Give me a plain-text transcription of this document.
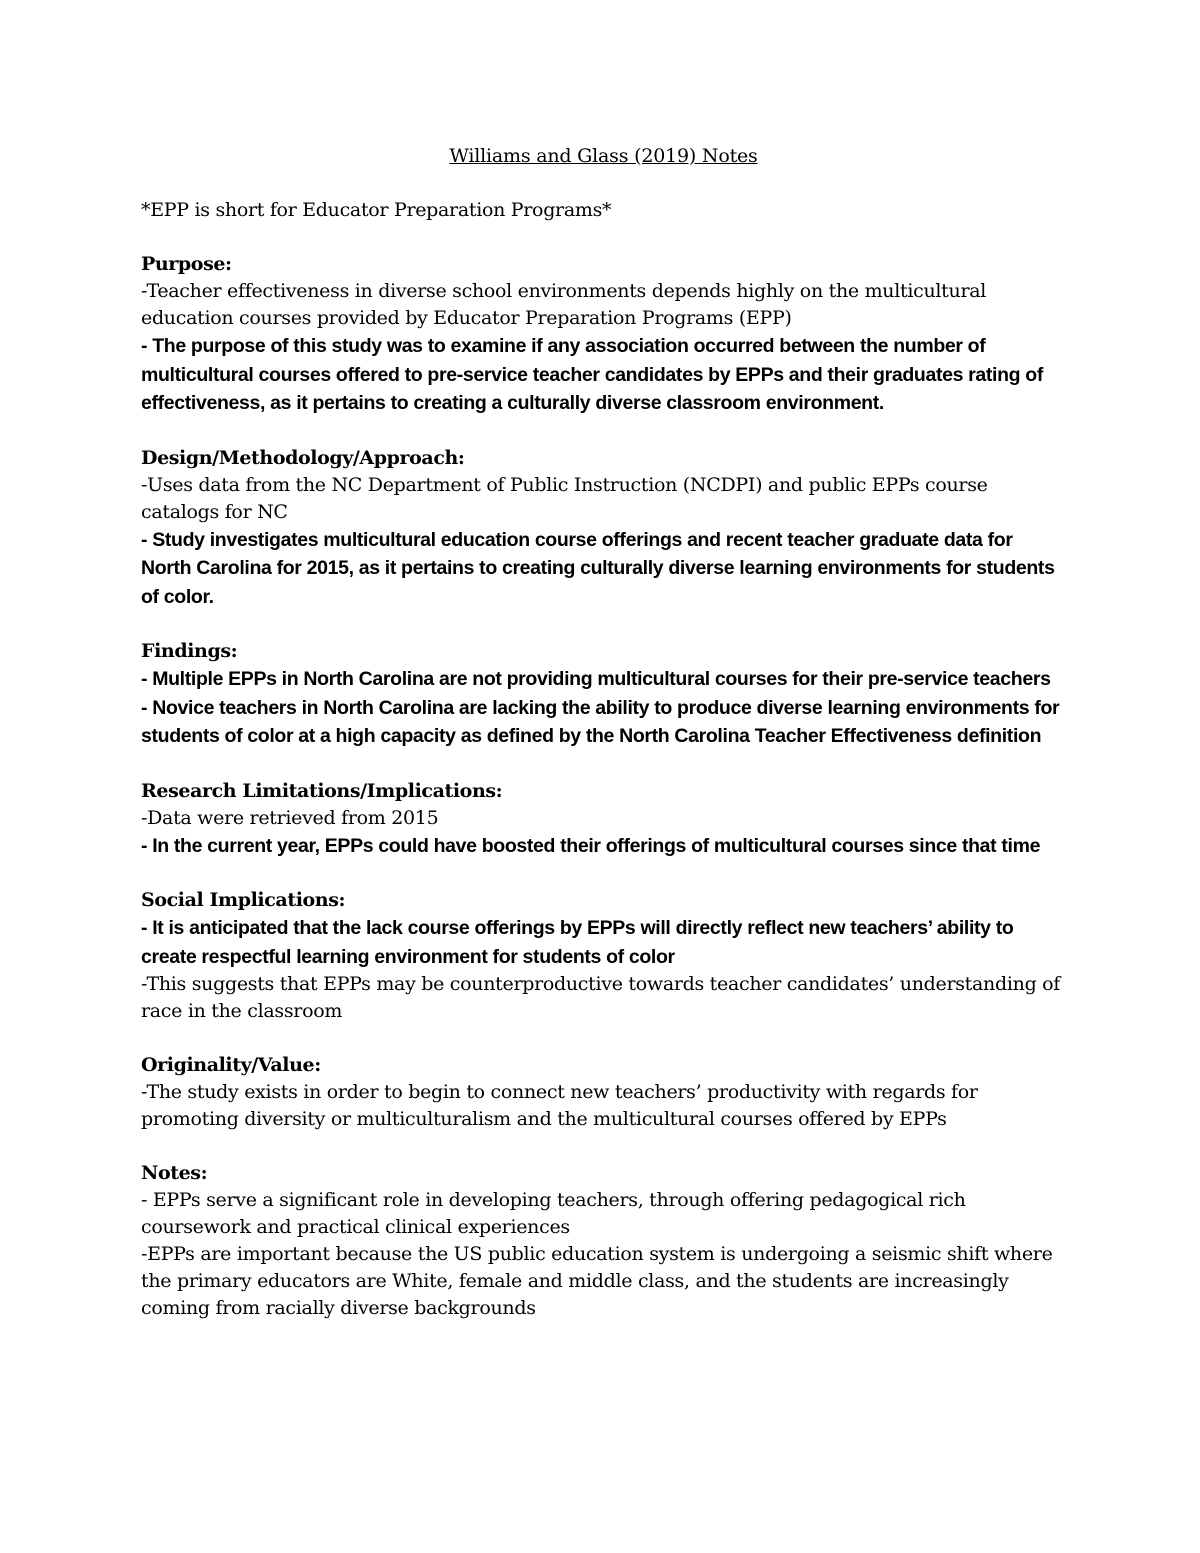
Williams and Glass (2019) Notes
*EPP is short for Educator Preparation Programs*
Purpose:
-Teacher effectiveness in diverse school environments depends highly on the multicultural education courses provided by Educator Preparation Programs (EPP)
- The purpose of this study was to examine if any association occurred between the number of multicultural courses offered to pre-service teacher candidates by EPPs and their graduates rating of effectiveness, as it pertains to creating a culturally diverse classroom environment.
Design/Methodology/Approach:
-Uses data from the NC Department of Public Instruction (NCDPI) and public EPPs course catalogs for NC
- Study investigates multicultural education course offerings and recent teacher graduate data for North Carolina for 2015, as it pertains to creating culturally diverse learning environments for students of color.
Findings:
- Multiple EPPs in North Carolina are not providing multicultural courses for their pre-service teachers
- Novice teachers in North Carolina are lacking the ability to produce diverse learning environments for students of color at a high capacity as defined by the North Carolina Teacher Effectiveness definition
Research Limitations/Implications:
-Data were retrieved from 2015
- In the current year, EPPs could have boosted their offerings of multicultural courses since that time
Social Implications:
- It is anticipated that the lack course offerings by EPPs will directly reflect new teachers’ ability to create respectful learning environment for students of color
-This suggests that EPPs may be counterproductive towards teacher candidates’ understanding of race in the classroom
Originality/Value:
-The study exists in order to begin to connect new teachers’ productivity with regards for promoting diversity or multiculturalism and the multicultural courses offered by EPPs
Notes:
- EPPs serve a significant role in developing teachers, through offering pedagogical rich coursework and practical clinical experiences
-EPPs are important because the US public education system is undergoing a seismic shift where the primary educators are White, female and middle class, and the students are increasingly coming from racially diverse backgrounds
